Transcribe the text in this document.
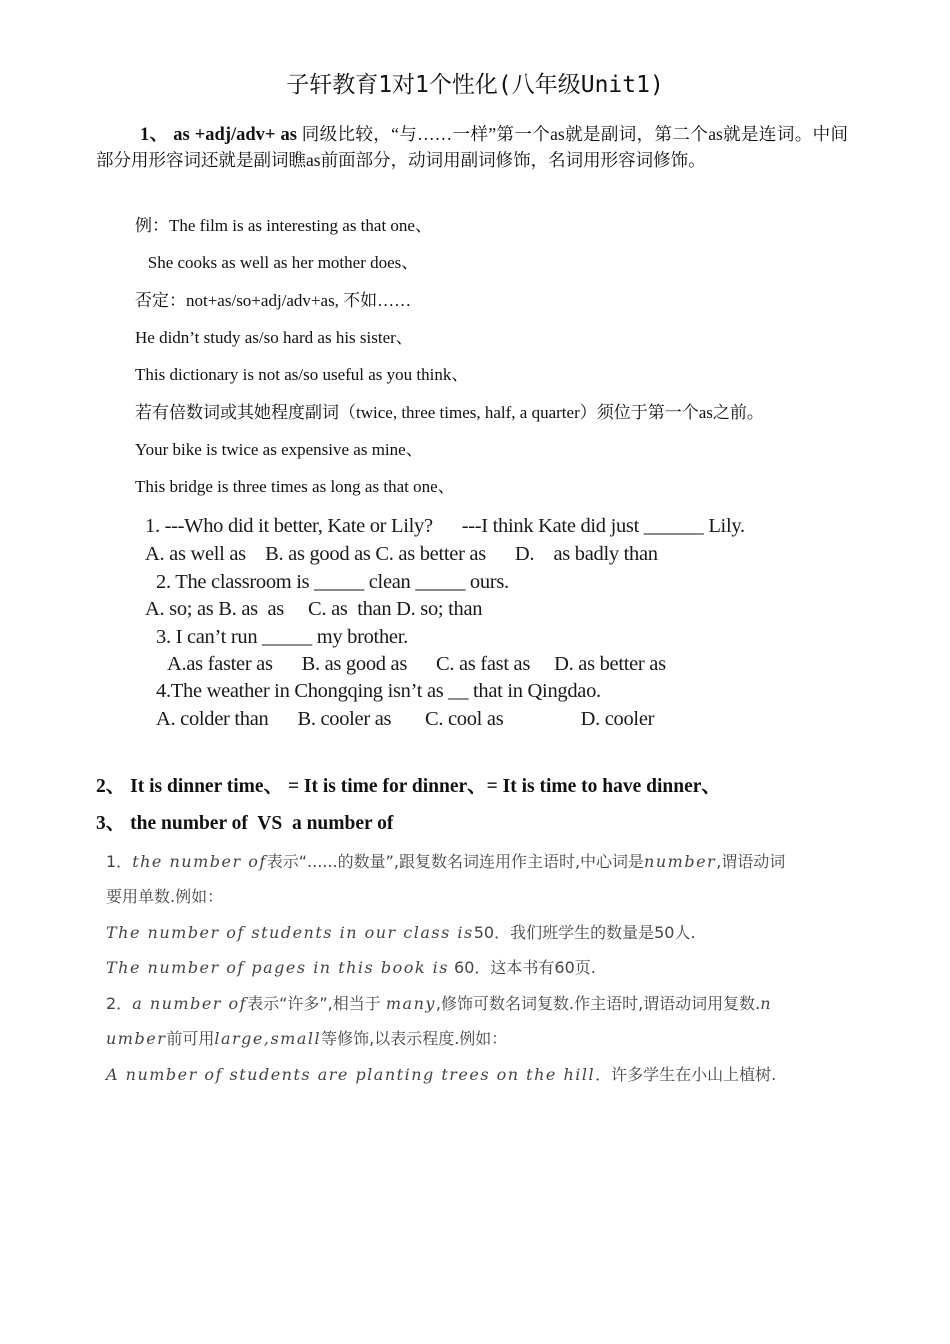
子轩教育1对1个性化(八年级Unit1)

1、 as +adj/adv+ as 同级比较，“与……一样”第一个as就是副词，第二个as就是连词。中间部分用形容词还就是副词瞧as前面部分，动词用副词修饰，名词用形容词修饰。

例：The film is as interesting as that one、
She cooks as well as her mother does、
否定：not+as/so+adj/adv+as, 不如……
He didn’t study as/so hard as his sister、
This dictionary is not as/so useful as you think、
若有倍数词或其她程度副词（twice, three times, half, a quarter）须位于第一个as之前。
Your bike is twice as expensive as mine、
This bridge is three times as long as that one、
1. ---Who did it better, Kate or Lily?      ---I think Kate did just ______ Lily.
A. as well as    B. as good as C. as better as      D.    as badly than
2. The classroom is _____ clean _____ ours.
A. so; as B. as  as     C. as  than D. so; than
3. I can’t run _____ my brother.
A.as faster as      B. as good as      C. as fast as     D. as better as
4.The weather in Chongqing isn’t as __ that in Qingdao.
A. colder than      B. cooler as       C. cool as                D. cooler
2、 It is dinner time、 = It is time for dinner、= It is time to have dinner、
3、 the number of  VS  a number of
1．the number of表示“......的数量”,跟复数名词连用作主语时,中心词是number,谓语动词
要用单数.例如：
The number of students in our class is50．我们班学生的数量是50人.
The number of pages in this book is 60．这本书有60页.
2．a number of表示“许多”,相当于 many,修饰可数名词复数.作主语时,谓语动词用复数.n
umber前可用large,small等修饰,以表示程度.例如：
A number of students are planting trees on the hill．许多学生在小山上植树.
